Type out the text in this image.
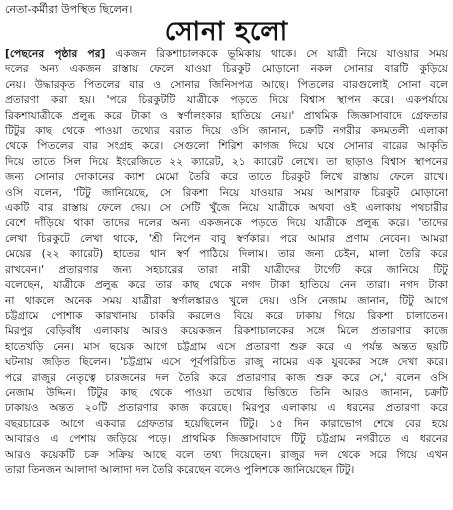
নেতা-কর্মীরা উপস্থিত ছিলেন।
সোনা হলো
[পেছনের পৃষ্ঠার পর] একজন রিকশাচালককে ভূমিকায় থাকে। সে যাত্রী নিয়ে যাওয়ার সময়
দলের অন্য একজন রাস্তায় ফেলে যাওয়া চিরকুট মোড়ানো নকল সোনার বারটি কুড়িয়ে
নেয়। উদ্ধারকৃত পিতলের বার ও সোনার জিনিসপত্র আছে। পিতলের বারগুলোই সোনা বলে
প্রতারণা করা হয়। 'পরে চিরকুটটি যাত্রীকে পড়তে দিয়ে বিশ্বাস স্থাপন করে। একপর্যায়ে
রিকশাযাত্রীকে প্রলুব্ধ করে টাকা ও স্বর্ণালংকার হাতিয়ে নেয়।' প্রাথমিক জিজ্ঞাসাবাদে গ্রেফতার
টিটুর কাছ থেকে পাওয়া তথ্যের বরাত দিয়ে ওসি জানান, চক্রটি নগরীর কদমতলী এলাকা
থেকে পিতলের বার সংগ্রহ করে। সেগুলো শিরিশ কাগজ দিয়ে ঘষে সোনার বারের আকৃতি
দিয়ে তাতে সিল দিয়ে ইংরেজিতে ২২ ক্যারেট, ২১ ক্যারেট লেখে। তা ছাড়াও বিশ্বাস স্থাপনের
জন্য সোনার দোকানের ক্যাশ মেমো তৈরি করে তাতে চিরকুট লিখে রাস্তায় ফেলে রাখে।
ওসি বলেন, 'টিটু জানিয়েছে, সে রিকশা নিয়ে যাওয়ার সময় আশরাফ চিরকুট মোড়ানো
একটি বার রাস্তায় ফেলে দেয়। সে সেটি খুঁজে নিয়ে যাত্রীকে অথবা ওই এলাকায় পথচারীর
বেশে দাঁড়িয়ে থাকা তাদের দলের অন্য একজনকে পড়তে দিয়ে যাত্রীকে প্রলুব্ধ করে। 'তাদের
লেখা চিরকুটে লেখা থাকে, 'শ্রী নিপেন বাবু স্বর্ণকার। পরে আমার প্রণাম নেবেন। আমরা
মেয়ের (২২ ক্যারেট) হাতের থান স্বর্ণ পাঠিয়ে দিলাম। তার জন্য চেইন, মালা তৈরি করে
রাখবেন।' প্রতারণার জন্য সহচারের তারা নারী যাত্রীদের টার্গেট করে জানিয়ে টিটু
বলেছেন, যাত্রীকে প্রলুব্ধ করে তার কাছ থেকে নগদ টাকা হাতিয়ে নেন তারা। নগদ টাকা
না থাকলে অনেক সময় যাত্রীরা স্বর্ণালঙ্কারও খুলে দেয়। ওসি নেজাম জানান, টিটু আগে
চট্টগ্রামে পোশাক কারখানায় চাকরি করলেও বিয়ে করে ঢাকায় গিয়ে রিকশা চালাতেন।
মিরপুর বেড়িবাঁধ এলাকায় আরও কয়েকজন রিকশাচালকের সঙ্গে মিলে প্রতারণার কাজে
হাতেখড়ি নেন। মাস ছয়েক আগে চট্টগ্রাম এসে প্রতারণা শুরু করে এ পর্যন্ত অন্তত ছয়টি
ঘটনায় জড়িত ছিলেন। 'চট্টগ্রাম এসে পূর্বপরিচিত রাজু নামের এক যুবকের সঙ্গে দেখা করে।
পরে রাজুর নেতৃত্বে চারজনের দল তৈরি করে প্রতারণার কাজ শুরু করে সে,' বলেন ওসি
নেজাম উদ্দিন। টিটুর কাছ থেকে পাওয়া তথ্যের ভিত্তিতে তিনি আরও জানান, চক্রটি
ঢাকায়ও অন্তত ২০টি প্রতারণার কাজ করেছে। মিরপুর এলাকায় এ ধরনের প্রতারণা করে
বছরচারেক আগে একবার গ্রেফতার হয়েছিলেন টিটু। ১৫ দিন কারাভোগ শেষে বের হয়ে
আবারও এ পেশায় জড়িয়ে পড়ে। প্রাথমিক জিজ্ঞাসাবাদে টিটু চট্টগ্রাম নগরীতে এ ধরনের
আরও কয়েকটি চক্র সক্রিয় আছে বলে তথ্য দিয়েছেন। রাজুর দল থেকে সরে গিয়ে এখন
তারা তিনজন আলাদা আলাদা দল তৈরি করেছেন বলেও পুলিশকে জানিয়েছেন টিটু।
